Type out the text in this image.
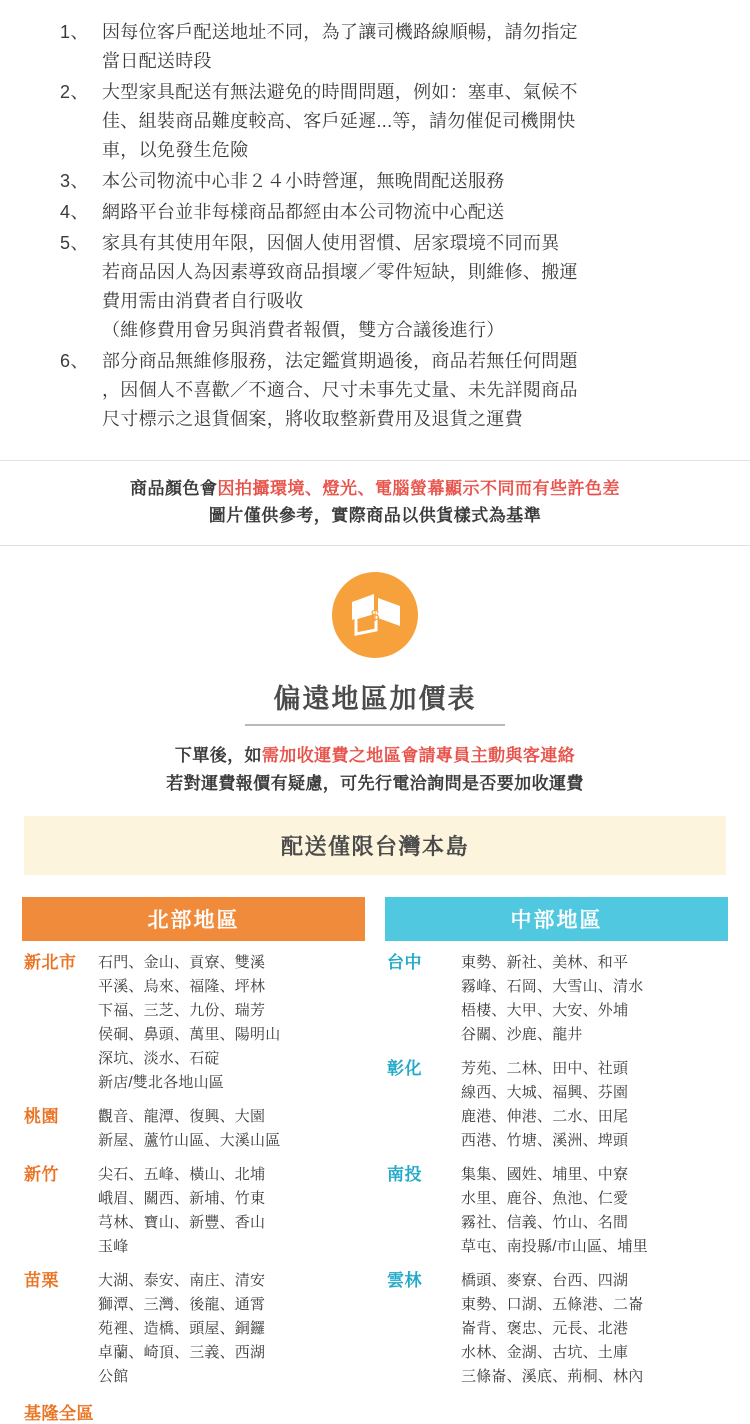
1、 因每位客戶配送地址不同，為了讓司機路線順暢，請勿指定
當日配送時段
2、 大型家具配送有無法避免的時間問題，例如：塞車、氣候不
佳、組裝商品難度較高、客戶延遲...等，請勿催促司機開快
車，以免發生危險
3、 本公司物流中心非２４小時營運，無晚間配送服務
4、 網路平台並非每樣商品都經由本公司物流中心配送
5、 家具有其使用年限，因個人使用習慣、居家環境不同而異
若商品因人為因素導致商品損壞／零件短缺，則維修、搬運
費用需由消費者自行吸收
（維修費用會另與消費者報價，雙方合議後進行）
6、 部分商品無維修服務，法定鑑賞期過後，商品若無任何問題
，因個人不喜歡／不適合、尺寸未事先丈量、未先詳閱商品
尺寸標示之退貨個案，將收取整新費用及退貨之運費
商品顏色會因拍攝環境、燈光、電腦螢幕顯示不同而有些許色差
圖片僅供參考，實際商品以供貨樣式為基準
$
偏遠地區加價表
下單後，如需加收運費之地區會請專員主動與客連絡
若對運費報價有疑慮，可先行電洽詢問是否要加收運費
配送僅限台灣本島
北部地區
新北市	石門、金山、貢寮、雙溪
平溪、烏來、福隆、坪林
下福、三芝、九份、瑞芳
侯硐、鼻頭、萬里、陽明山
深坑、淡水、石碇
新店/雙北各地山區
桃園	觀音、龍潭、復興、大園
新屋、蘆竹山區、大溪山區
新竹	尖石、五峰、橫山、北埔
峨眉、關西、新埔、竹東
芎林、寶山、新豐、香山
玉峰
苗栗	大湖、泰安、南庄、清安
獅潭、三灣、後龍、通霄
苑裡、造橋、頭屋、銅鑼
卓蘭、崎頂、三義、西湖
公館
基隆全區
中部地區
台中	東勢、新社、美林、和平
霧峰、石岡、大雪山、清水
梧棲、大甲、大安、外埔
谷關、沙鹿、龍井
彰化	芳苑、二林、田中、社頭
線西、大城、福興、芬園
鹿港、伸港、二水、田尾
西港、竹塘、溪洲、埤頭
南投	集集、國姓、埔里、中寮
水里、鹿谷、魚池、仁愛
霧社、信義、竹山、名間
草屯、南投縣/市山區、埔里
雲林	橋頭、麥寮、台西、四湖
東勢、口湖、五條港、二崙
崙背、褒忠、元長、北港
水林、金湖、古坑、土庫
三條崙、溪底、荊桐、林內
